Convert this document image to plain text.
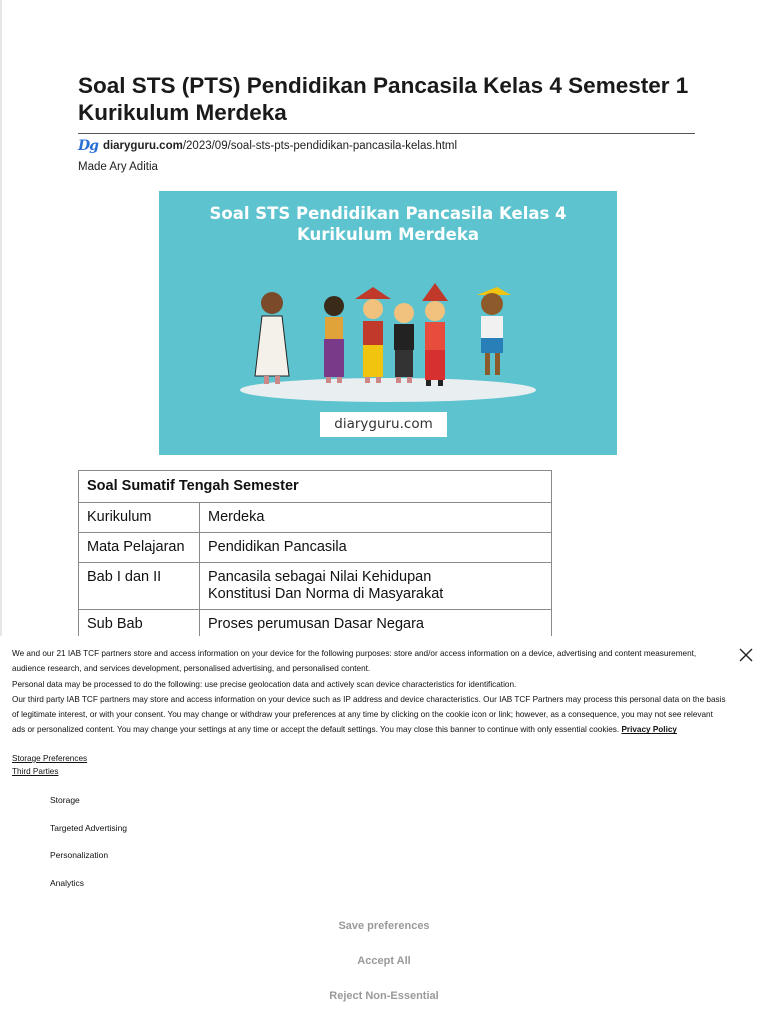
Soal STS (PTS) Pendidikan Pancasila Kelas 4 Semester 1 Kurikulum Merdeka
Dg diaryguru.com/2023/09/soal-sts-pts-pendidikan-pancasila-kelas.html
Made Ary Aditia
Soal STS Pendidikan Pancasila Kelas 4
Kurikulum Merdeka
diaryguru.com
Soal Sumatif Tengah Semester	
Kurikulum	Merdeka
Mata Pelajaran	Pendidikan Pancasila
Bab I dan II	Pancasila sebagai Nilai Kehidupan
Konstitusi Dan Norma di Masyarakat

Sub Bab	Proses perumusan Dasar Negara

We and our 21 IAB TCF partners store and access information on your device for the following purposes: store and/or access information on a device, advertising and content measurement, audience research, and services development, personalised advertising, and personalised content.

Personal data may be processed to do the following: use precise geolocation data and actively scan device characteristics for identification.

Our third party IAB TCF partners may store and access information on your device such as IP address and device characteristics. Our IAB TCF Partners may process this personal data on the basis of legitimate interest, or with your consent. You may change or withdraw your preferences at any time by clicking on the cookie icon or link; however, as a consequence, you may not see relevant ads or personalized content. You may change your settings at any time or accept the default settings. You may close this banner to continue with only essential cookies. Privacy Policy

Storage Preferences
Third Parties
Storage
Targeted Advertising
Personalization
Analytics
Save preferences
Accept All
Reject Non-Essential
